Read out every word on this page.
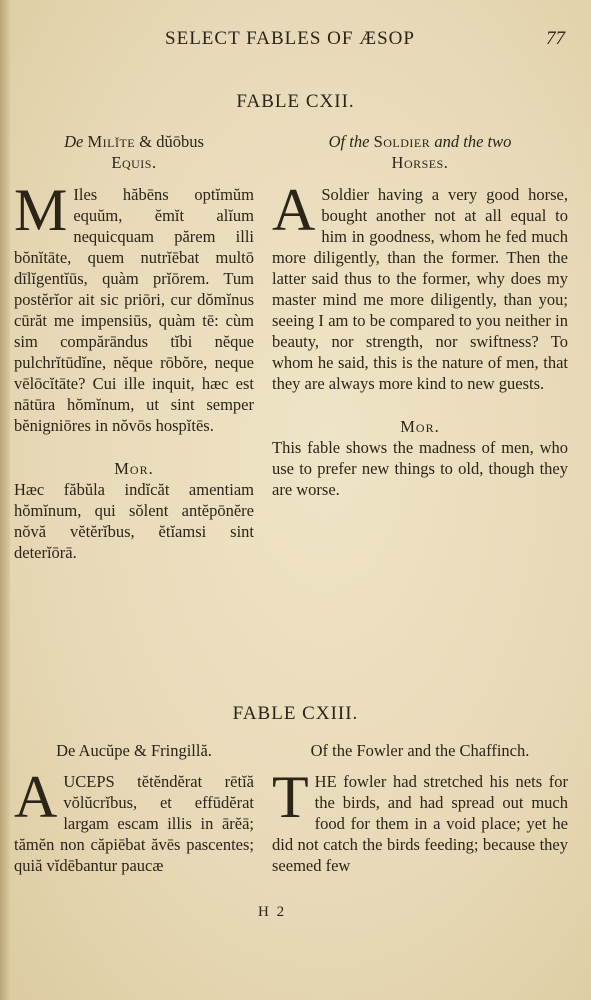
SELECT FABLES OF ÆSOP	77
FABLE CXII.
De Milĭte & dŭōbus
Equis.
M Iles hăbēns optĭmŭm equŭm, ĕmĭt alĭum nequicquam părem illi bŏnĭtāte, quem nutrĭēbat multō dīlĭgentĭūs, quàm prĭōrem. Tum postĕrĭor ait sic priōri, cur dŏmĭnus cūrăt me impensiūs, quàm tē: cùm sim compărāndus tĭbi nĕque pulchrĭtūdĭne, nĕque rōbŏre, neque vēlōcĭtāte? Cui ille inquit, hæc est nātūra hŏmĭnum, ut sint semper bĕnigniōres in nŏvōs hospĭtēs.
Mor.
Hæc făbŭla indĭcăt amentiam hŏmĭnum, qui sŏlent antĕpōnĕre nŏvă vĕtĕrĭbus, ĕtĭamsi sint deterĭōrā.
Of the Soldier and the two
Horses.
A Soldier having a very good horse, bought another not at all equal to him in goodness, whom he fed much more diligently, than the former. Then the latter said thus to the former, why does my master mind me more diligently, than you; seeing I am to be compared to you neither in beauty, nor strength, nor swiftness? To whom he said, this is the nature of men, that they are always more kind to new guests.
Mor.
This fable shows the madness of men, who use to prefer new things to old, though they are worse.
FABLE CXIII.
De Aucŭpe & Fringillă.
AUCEPS tĕtĕndĕrat rētĭă vŏlŭcrĭbus, et effūdĕrat largam escam illis in ārĕā; tămĕn non căpiēbat ăvēs pascentes; quiă vĭdēbantur paucæ
Of the Fowler and the Chaffinch.
THE fowler had stretched his nets for the birds, and had spread out much food for them in a void place; yet he did not catch the birds feeding; because they seemed few
H 2
